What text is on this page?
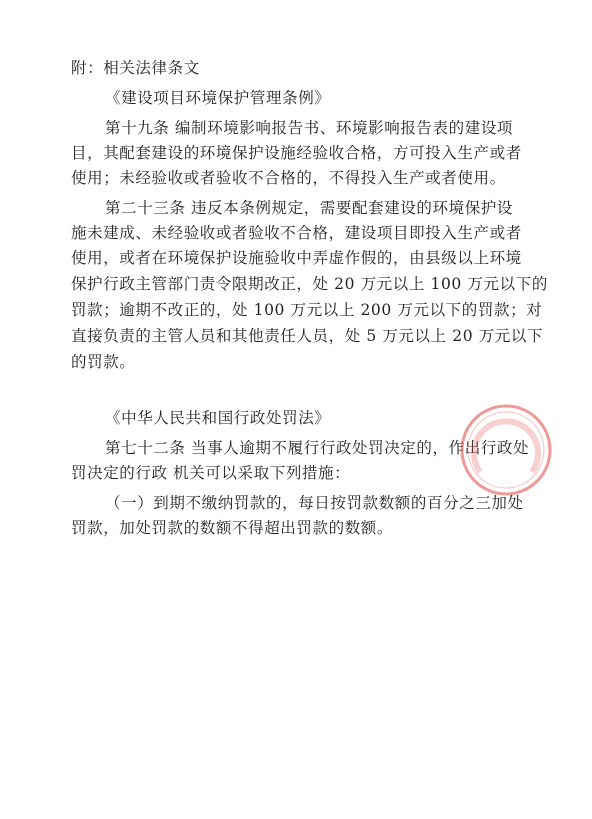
附：相关法律条文
《建设项目环境保护管理条例》
第十九条 编制环境影响报告书、环境影响报告表的建设项
目，其配套建设的环境保护设施经验收合格，方可投入生产或者
使用；未经验收或者验收不合格的，不得投入生产或者使用。
第二十三条 违反本条例规定，需要配套建设的环境保护设
施未建成、未经验收或者验收不合格，建设项目即投入生产或者
使用，或者在环境保护设施验收中弄虚作假的，由县级以上环境
保护行政主管部门责令限期改正，处 20 万元以上 100 万元以下的
罚款；逾期不改正的，处 100 万元以上 200 万元以下的罚款；对
直接负责的主管人员和其他责任人员，处 5 万元以上 20 万元以下
的罚款。
《中华人民共和国行政处罚法》
第七十二条 当事人逾期不履行行政处罚决定的，作出行政处
罚决定的行政 机关可以采取下列措施：
（一）到期不缴纳罚款的，每日按罚款数额的百分之三加处
罚款，加处罚款的数额不得超出罚款的数额。
